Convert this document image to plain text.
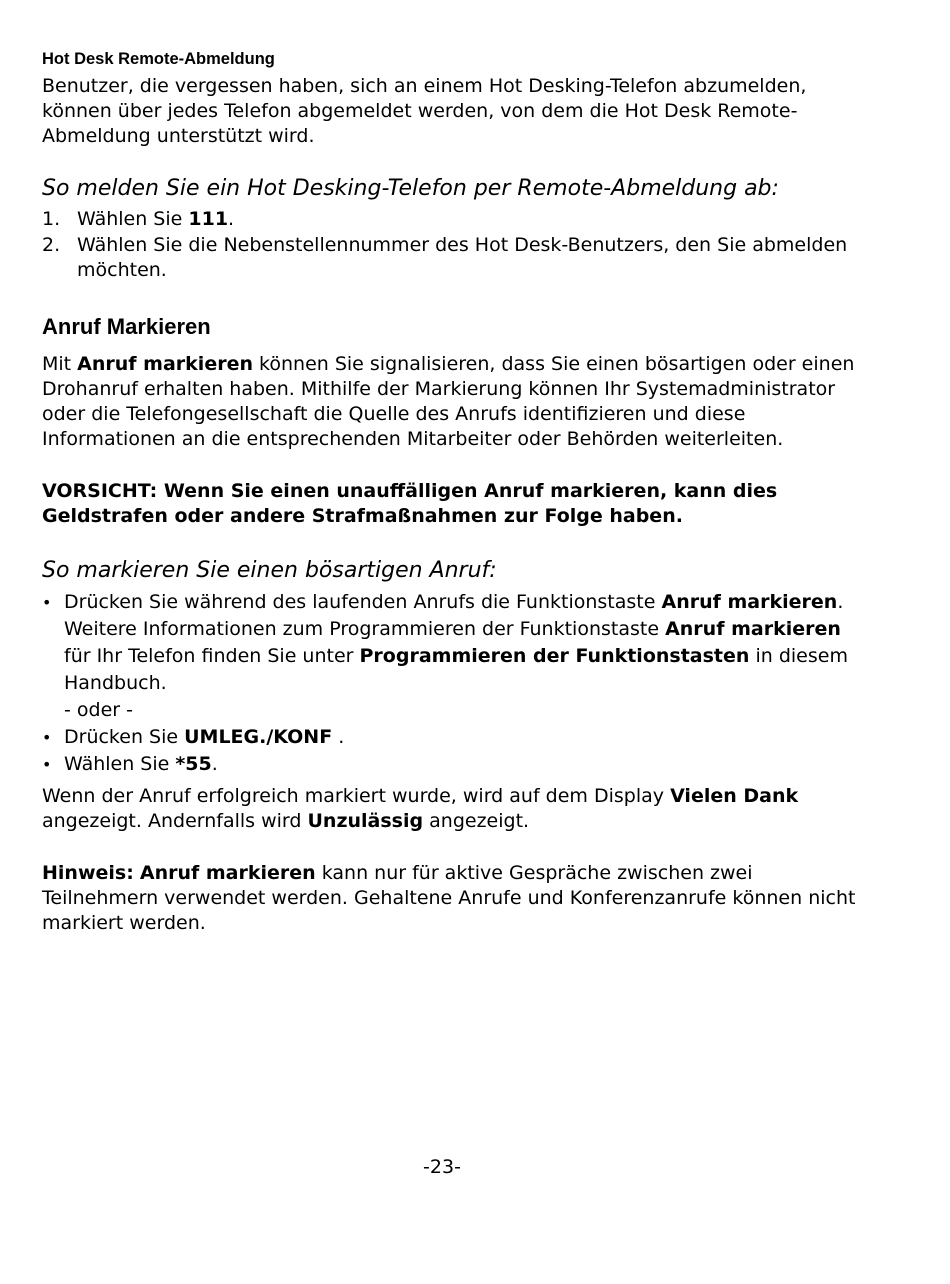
Hot Desk Remote-Abmeldung

Benutzer, die vergessen haben, sich an einem Hot Desking-Telefon abzumelden, können über jedes Telefon abgemeldet werden, von dem die Hot Desk Remote-Abmeldung unterstützt wird.

So melden Sie ein Hot Desking-Telefon per Remote-Abmeldung ab:
1. Wählen Sie 111.
2. Wählen Sie die Nebenstellennummer des Hot Desk-Benutzers, den Sie abmelden möchten.
Anruf Markieren

Mit Anruf markieren können Sie signalisieren, dass Sie einen bösartigen oder einen Drohanruf erhalten haben. Mithilfe der Markierung können Ihr Systemadministrator oder die Telefongesellschaft die Quelle des Anrufs identifizieren und diese Informationen an die entsprechenden Mitarbeiter oder Behörden weiterleiten.

VORSICHT: Wenn Sie einen unauffälligen Anruf markieren, kann dies Geldstrafen oder andere Strafmaßnahmen zur Folge haben.

So markieren Sie einen bösartigen Anruf:
• Drücken Sie während des laufenden Anrufs die Funktionstaste Anruf markieren.
Weitere Informationen zum Programmieren der Funktionstaste Anruf markieren für Ihr Telefon finden Sie unter Programmieren der Funktionstasten in diesem Handbuch.
- oder -
• Drücken Sie UMLEG./KONF .
• Wählen Sie *55.

Wenn der Anruf erfolgreich markiert wurde, wird auf dem Display Vielen Dank angezeigt. Andernfalls wird Unzulässig angezeigt.

Hinweis: Anruf markieren kann nur für aktive Gespräche zwischen zwei Teilnehmern verwendet werden. Gehaltene Anrufe und Konferenzanrufe können nicht markiert werden.

-23-
